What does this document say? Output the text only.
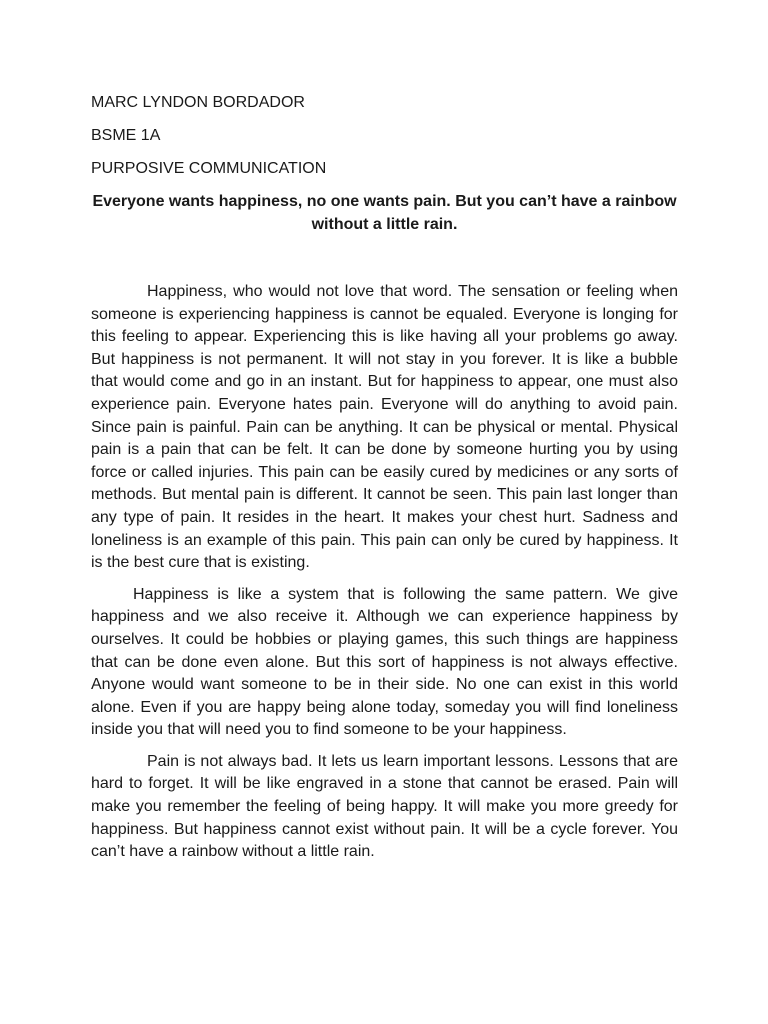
MARC LYNDON BORDADOR
BSME 1A
PURPOSIVE COMMUNICATION
Everyone wants happiness, no one wants pain. But you can’t have a rainbow without a little rain.

Happiness, who would not love that word. The sensation or feeling when someone is experiencing happiness is cannot be equaled. Everyone is longing for this feeling to appear. Experiencing this is like having all your problems go away. But happiness is not permanent. It will not stay in you forever. It is like a bubble that would come and go in an instant. But for happiness to appear, one must also experience pain. Everyone hates pain. Everyone will do anything to avoid pain. Since pain is painful. Pain can be anything. It can be physical or mental. Physical pain is a pain that can be felt. It can be done by someone hurting you by using force or called injuries. This pain can be easily cured by medicines or any sorts of methods. But mental pain is different. It cannot be seen. This pain last longer than any type of pain. It resides in the heart. It makes your chest hurt. Sadness and loneliness is an example of this pain. This pain can only be cured by happiness. It is the best cure that is existing.

Happiness is like a system that is following the same pattern. We give happiness and we also receive it. Although we can experience happiness by ourselves. It could be hobbies or playing games, this such things are happiness that can be done even alone. But this sort of happiness is not always effective. Anyone would want someone to be in their side. No one can exist in this world alone. Even if you are happy being alone today, someday you will find loneliness inside you that will need you to find someone to be your happiness.

Pain is not always bad. It lets us learn important lessons. Lessons that are hard to forget. It will be like engraved in a stone that cannot be erased. Pain will make you remember the feeling of being happy. It will make you more greedy for happiness. But happiness cannot exist without pain. It will be a cycle forever. You can’t have a rainbow without a little rain.
